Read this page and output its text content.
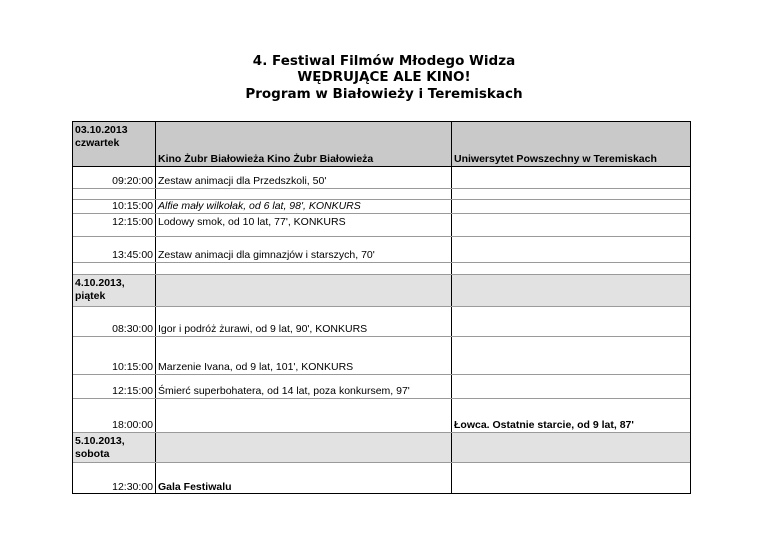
4. Festiwal Filmów Młodego Widza
WĘDRUJĄCE ALE KINO!
Program w Białowieży i Teremiskach
03.10.2013
czwartek
Kino Żubr Białowieża Kino Żubr Białowieża	Uniwersytet Powszechny w Teremiskach
09:20:00 Zestaw animacji dla Przedszkoli, 50'
10:15:00 Alfie mały wilkołak, od 6 lat, 98', KONKURS
12:15:00 Lodowy smok, od 10 lat, 77', KONKURS
13:45:00 Zestaw animacji dla gimnazjów i starszych, 70'
4.10.2013,
piątek
08:30:00 Igor i podróż żurawi, od 9 lat, 90', KONKURS
10:15:00 Marzenie Ivana, od 9 lat, 101', KONKURS
12:15:00 Śmierć superbohatera, od 14 lat, poza konkursem, 97'
18:00:00	Łowca. Ostatnie starcie, od 9 lat, 87'
5.10.2013,
sobota
12:30:00 Gala Festiwalu
